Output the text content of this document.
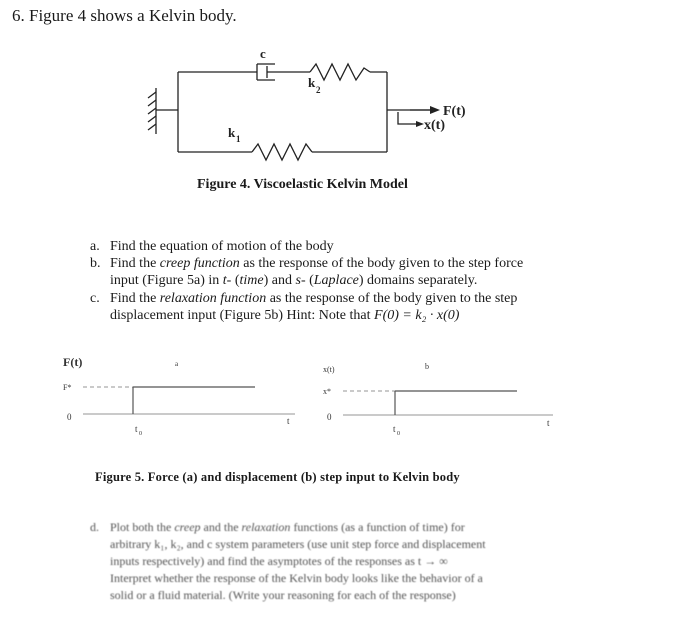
6. Figure 4 shows a Kelvin body.
c
k 2
k 1
F(t)
x(t)
Figure 4. Viscoelastic Kelvin Model
a. Find the equation of motion of the body
b. Find the creep function as the response of the body given to the step force
input (Figure 5a) in t- (time) and s- (Laplace) domains separately.
c. Find the relaxation function as the response of the body given to the step
displacement input (Figure 5b) Hint: Note that F(0) = k₂ · x(0)
F(t)	a
F*
0
t 0
t
x(t)	b
x*
0
t 0
t
Figure 5. Force (a) and displacement (b) step input to Kelvin body
d. Plot both the creep and the relaxation functions (as a function of time) for
arbitrary k₁, k₂, and c system parameters (use unit step force and displacement
inputs respectively) and find the asymptotes of the responses as t → ∞
Interpret whether the response of the Kelvin body looks like the behavior of a
solid or a fluid material. (Write your reasoning for each of the response)
